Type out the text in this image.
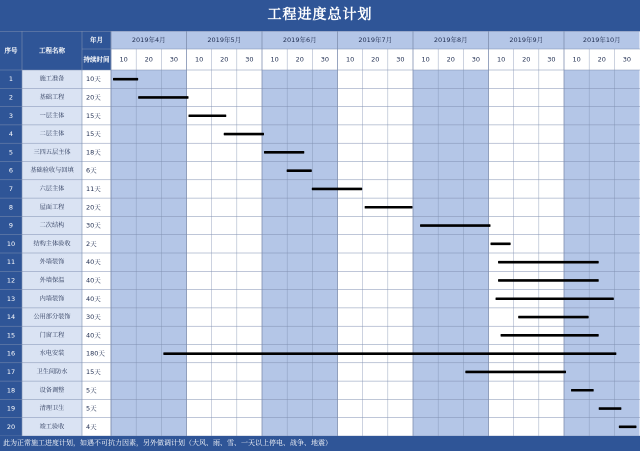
工程进度总计划
序号	工程名称
年月
持续时间
2019年4月
10	20	30
2019年5月
10	20	30
2019年6月
10	20	30
2019年7月
10	20	30
2019年8月
10	20	30
2019年9月
10	20	30
2019年10月
10	20	30
1	施工准备	10天
2	基础工程	20天
3	一层主体	15天
4	二层主体	15天
5	三四五层主体 18天
6	基础验收与回填 6天
7	六层主体	11天
8	屋面工程	20天
9	二次结构	30天
10	结构主体验收 2天
11	外墙装饰	40天
12	外墙保温	40天
13	内墙装饰	40天
14	公用部分装饰 30天
15	门窗工程	40天
16	水电安装	180天
17	卫生间防水	15天
18	设备调整	5天
19	清理卫生	5天
20	竣工验收	4天
此为正常施工进度计划，如遇不可抗力因素，另外做调计划（大风、雨、雪、一天以上停电、战争、地震）
